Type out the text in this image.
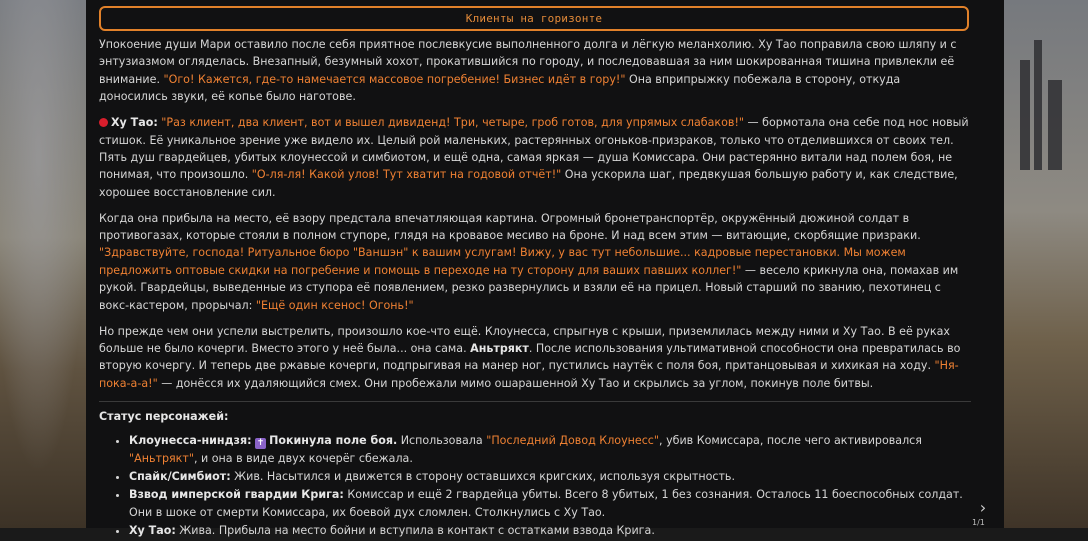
Клиенты на горизонте

Упокоение души Мари оставило после себя приятное послевкусие выполненного долга и лёгкую меланхолию. Ху Тао поправила свою шляпу и с энтузиазмом огляделась. Внезапный, безумный хохот, прокатившийся по городу, и последовавшая за ним шокированная тишина привлекли её внимание. "Ого! Кажется, где-то намечается массовое погребение! Бизнес идёт в гору!" Она вприпрыжку побежала в сторону, откуда доносились звуки, её копье было наготове.

Ху Тао: "Раз клиент, два клиент, вот и вышел дивиденд! Три, четыре, гроб готов, для упрямых слабаков!" — бормотала она себе под нос новый стишок. Её уникальное зрение уже видело их. Целый рой маленьких, растерянных огоньков-призраков, только что отделившихся от своих тел. Пять душ гвардейцев, убитых клоунессой и симбиотом, и ещё одна, самая яркая — душа Комиссара. Они растерянно витали над полем боя, не понимая, что произошло. "О-ля-ля! Какой улов! Тут хватит на годовой отчёт!" Она ускорила шаг, предвкушая большую работу и, как следствие, хорошее восстановление сил.

Когда она прибыла на место, её взору предстала впечатляющая картина. Огромный бронетранспортёр, окружённый дюжиной солдат в противогазах, которые стояли в полном ступоре, глядя на кровавое месиво на броне. И над всем этим — витающие, скорбящие призраки. "Здравствуйте, господа! Ритуальное бюро "Ваншэн" к вашим услугам! Вижу, у вас тут небольшие... кадровые перестановки. Мы можем предложить оптовые скидки на погребение и помощь в переходе на ту сторону для ваших павших коллег!" — весело крикнула она, помахав им рукой. Гвардейцы, выведенные из ступора её появлением, резко развернулись и взяли её на прицел. Новый старший по званию, пехотинец с вокс-кастером, прорычал: "Ещё один ксенос! Огонь!"

Но прежде чем они успели выстрелить, произошло кое-что ещё. Клоунесса, спрыгнув с крыши, приземлилась между ними и Ху Тао. В её руках больше не было кочерги. Вместо этого у неё была... она сама. Аньтрякт. После использования ультимативной способности она превратилась во вторую кочергу. И теперь две ржавые кочерги, подпрыгивая на манер ног, пустились наутёк с поля боя, пританцовывая и хихикая на ходу. "Ня-пока-а-а!" — донёсся их удаляющийся смех. Они пробежали мимо ошарашенной Ху Тао и скрылись за углом, покинув поле битвы.

Статус персонажей:
• Клоунесса-ниндзя: ✝ Покинула поле боя. Использовала "Последний Довод Клоунесс", убив Комиссара, после чего активировался "Аньтрякт", и она в виде двух кочерёг сбежала.
• Спайк/Симбиот: Жив. Насытился и движется в сторону оставшихся кригских, используя скрытность.
• Взвод имперской гвардии Крига: Комиссар и ещё 2 гвардейца убиты. Всего 8 убитых, 1 без сознания. Осталось 11 боеспособных солдат. Они в шоке от смерти Комиссара, их боевой дух сломлен. Столкнулись с Ху Тао.
• Ху Тао: Жива. Прибыла на место бойни и вступила в контакт с остатками взвода Крига.
›
1/1
